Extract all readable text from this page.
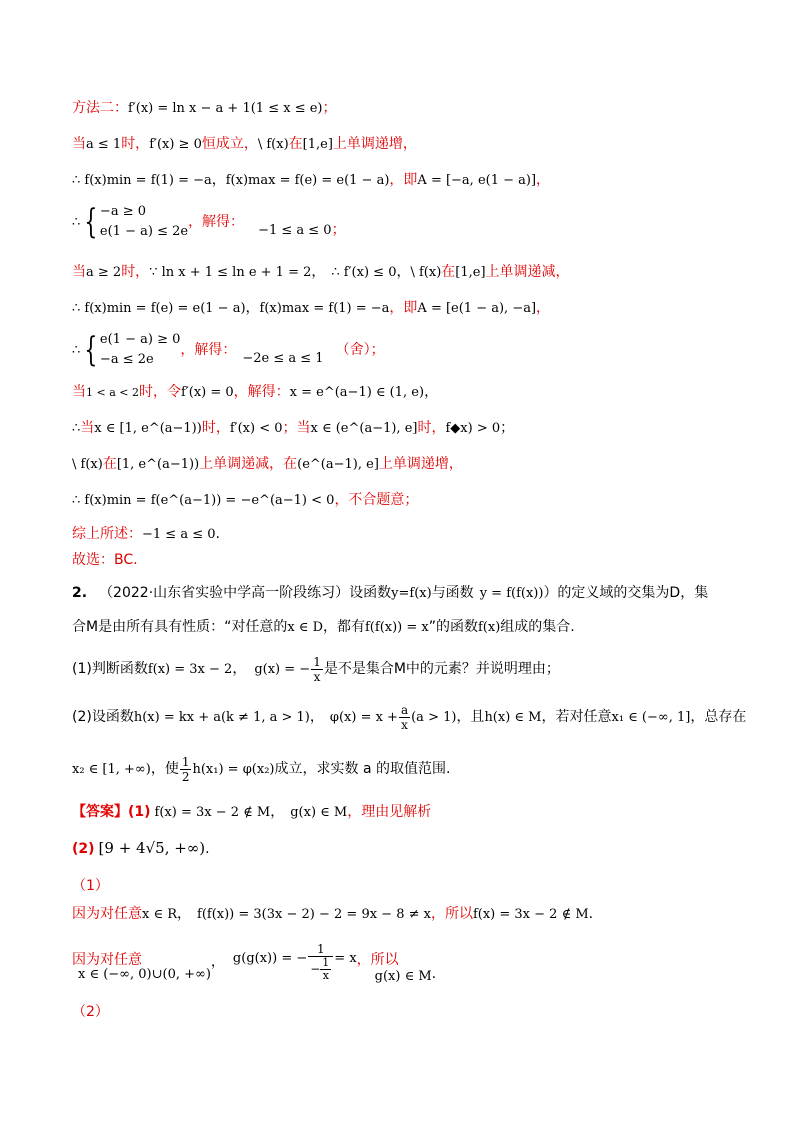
方法二：f′(x) = ln x − a + 1(1 ≤ x ≤ e)；
当a ≤ 1时，f′(x) ≥ 0恒成立，\ f(x)在[1,e]上单调递增，
∴ f(x)min = f(1) = −a，f(x)max = f(e) = e(1 − a)，即A = [−a, e(1 − a)]，
∴ { −a ≥ 0
e(1 − a) ≤ 2e
，解得：−1 ≤ a ≤ 0；
当a ≥ 2时，∵ ln x + 1 ≤ ln e + 1 = 2， ∴ f′(x) ≤ 0，\ f(x)在[1,e]上单调递减，
∴ f(x)min = f(e) = e(1 − a)，f(x)max = f(1) = −a，即A = [e(1 − a), −a]，
∴ { e(1 − a) ≥ 0
−a ≤ 2e
，解得：−2e ≤ a ≤ 1（舍）；
当1 < a < 2时，令f′(x) = 0，解得：x = e^(a−1) ∈ (1, e)，
∴当x ∈ [1, e^(a−1))时，f′(x) < 0；当x ∈ (e^(a−1), e]时，f◆x) > 0；
\ f(x)在[1, e^(a−1))上单调递减，在(e^(a−1), e]上单调递增，
∴ f(x)min = f(e^(a−1)) = −e^(a−1) < 0，不合题意；
综上所述：−1 ≤ a ≤ 0.
故选：BC.
2. （2022·山东省实验中学高一阶段练习）设函数y=f(x)与函数 y = f(f(x))）的定义域的交集为D，集
合M是由所有具有性质：“对任意的x ∈ D，都有f(f(x)) = x”的函数f(x)组成的集合.
(1)判断函数f(x) = 3x − 2， g(x) = − $\frac{1}{x}$ 是不是集合M中的元素？并说明理由；
(2)设函数h(x) = kx + a(k ≠ 1, a > 1)， $\varphi(x) = x + \frac{a}{x} (a > 1)$，且h(x) ∈ M，若对任意x₁ ∈ (−∞, 1]，总存在
x₂ ∈ [1, +∞)，使 $\frac{1}{2} h(x_1) = \varphi(x_2)$成立，求实数 a 的取值范围.
【答案】(1) f(x) = 3x − 2 ∉ M， g(x) ∈ M，理由见解析
(2) [9 + 4√5, +∞).
（1）
因为对任意x ∈ R， f(f(x)) = 3(3x − 2) − 2 = 9x − 8 ≠ x，所以f(x) = 3x − 2 ∉ M.
因为对任意x ∈ (−∞, 0)∪(0, +∞)， g(g(x)) = − $\frac{1}{- \frac{1}{x}} = x$，所以g(x) ∈ M.
（2）
